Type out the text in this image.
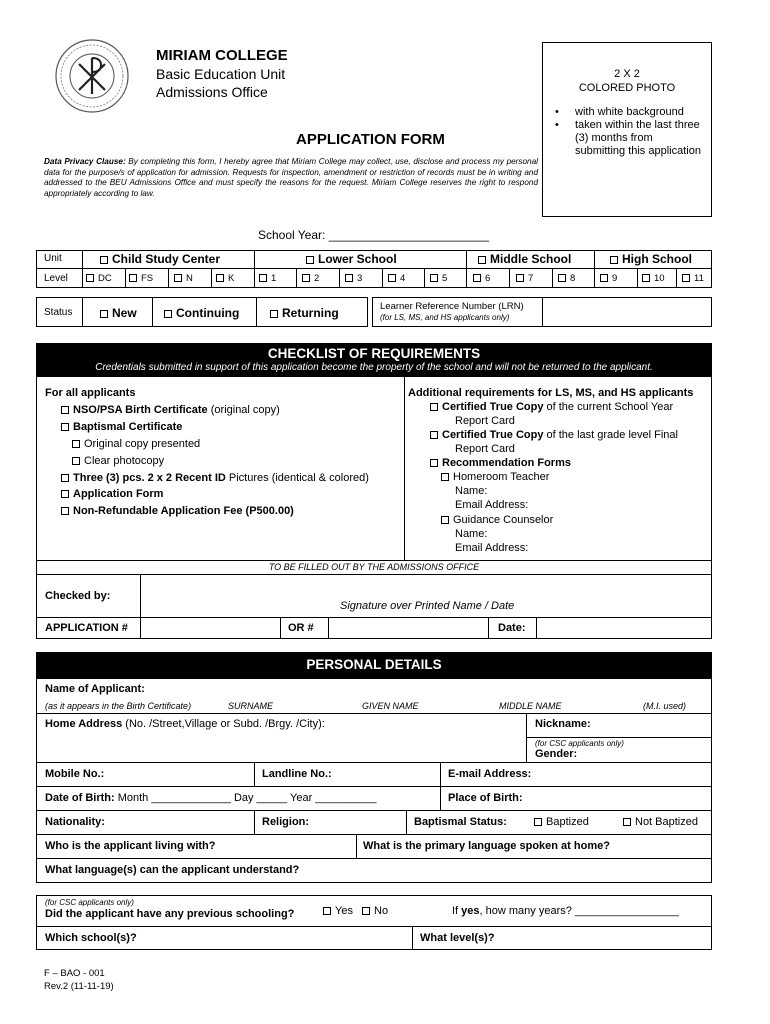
MIRIAM COLLEGE
Basic Education Unit
Admissions Office
APPLICATION FORM
2 X 2
COLORED PHOTO
•	with white background
•	taken within the last three (3) months from submitting this application
Data Privacy Clause: By completing this form, I hereby agree that Miriam College may collect, use, disclose and process my personal data for the purpose/s of application for admission. Requests for inspection, amendment or restriction of records must be in writing and addressed to the BEU Admissions Office and must specify the reasons for the request. Miriam College reserves the right to respond appropriately according to law.
School Year: ________________________
Unit	Child Study Center	Lower School	Middle School	High School
Level	DC	FS	N	K	1	2	3	4	5	6	7	8	9	10	11
Status	New	Continuing	Returning	Learner Reference Number (LRN)
(for LS, MS, and HS applicants only)
CHECKLIST OF REQUIREMENTS
Credentials submitted in support of this application become the property of the school and will not be returned to the applicant.
For all applicants
NSO/PSA Birth Certificate (original copy)
Baptismal Certificate
Original copy presented
Clear photocopy
Three (3) pcs. 2 x 2 Recent ID Pictures (identical & colored)
Application Form
Non-Refundable Application Fee (P500.00)
Additional requirements for LS, MS, and HS applicants
Certified True Copy of the current School Year
Report Card
Certified True Copy of the last grade level Final
Report Card
Recommendation Forms
Homeroom Teacher
Name:
Email Address:
Guidance Counselor
Name:
Email Address:
TO BE FILLED OUT BY THE ADMISSIONS OFFICE
Checked by:
Signature over Printed Name / Date
APPLICATION #	OR #	Date:
PERSONAL DETAILS
Name of Applicant:
(as it appears in the Birth Certificate)	SURNAME	GIVEN NAME	MIDDLE NAME	(M.I. used)
Home Address (No. /Street,Village or Subd. /Brgy. /City):	Nickname:
(for CSC applicants only)
Gender:
Mobile No.:	Landline No.:	E-mail Address:
Date of Birth: Month _____________ Day _____ Year __________	Place of Birth:
Nationality:	Religion:	Baptismal Status:	Baptized	Not Baptized
Who is the applicant living with?	What is the primary language spoken at home?
What language(s) can the applicant understand?
(for CSC applicants only)
Did the applicant have any previous schooling?	Yes	No	If yes, how many years? _________________
Which school(s)?	What level(s)?
F – BAO - 001
Rev.2 (11-11-19)
